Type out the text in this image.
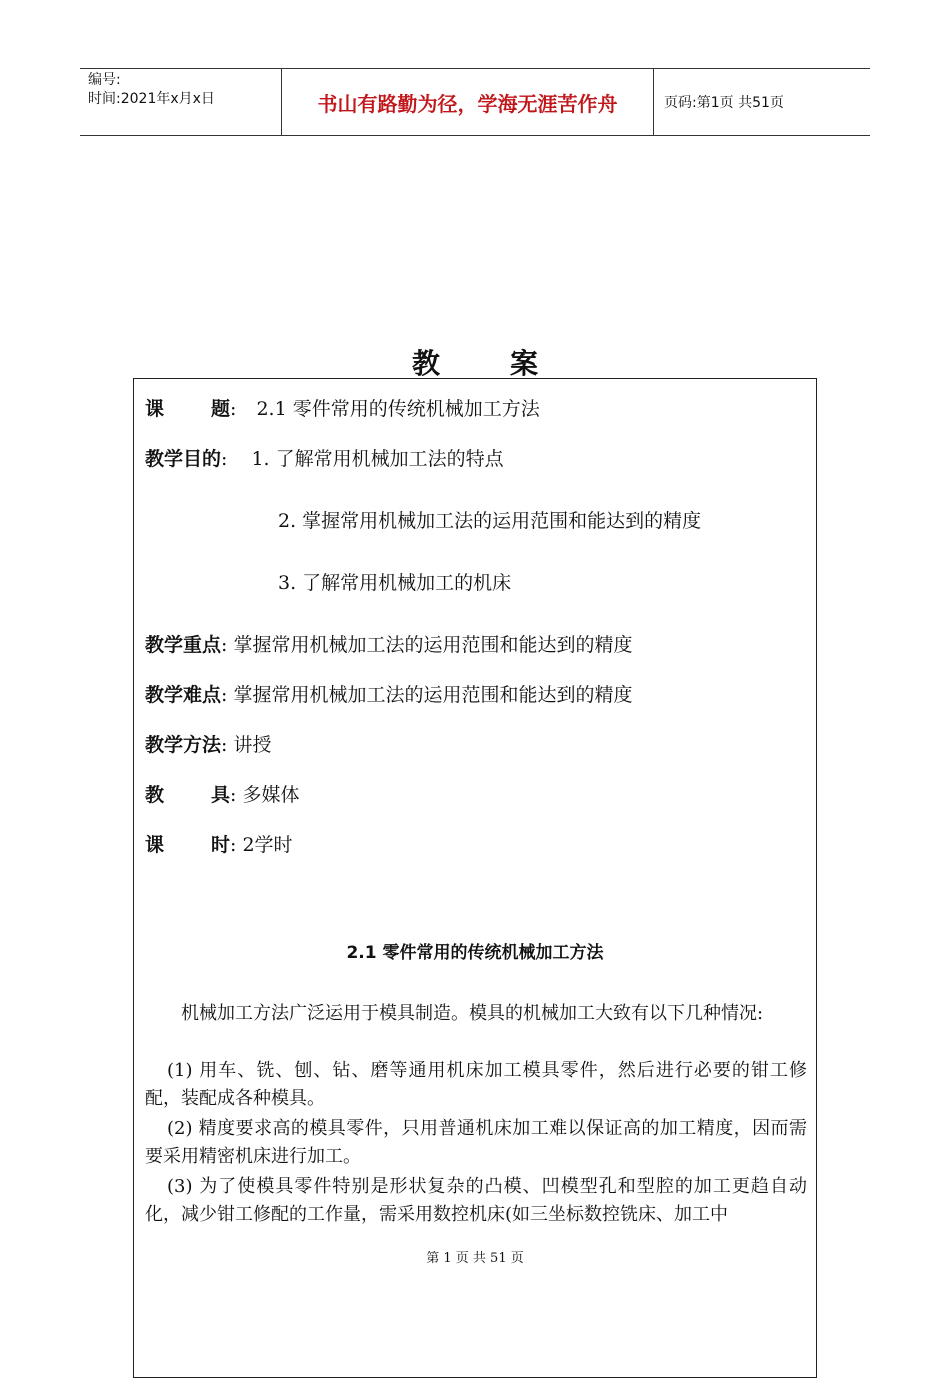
编号:
时间:2021年x月x日	书山有路勤为径，学海无涯苦作舟	页码:第1页 共51页
教	案
课 题: 2.1 零件常用的传统机械加工方法
教学目的: 1. 了解常用机械加工法的特点
2. 掌握常用机械加工法的运用范围和能达到的精度
3. 了解常用机械加工的机床
教学重点: 掌握常用机械加工法的运用范围和能达到的精度
教学难点: 掌握常用机械加工法的运用范围和能达到的精度
教学方法: 讲授
教 具: 多媒体
课 时: 2学时
2.1 零件常用的传统机械加工方法
机械加工方法广泛运用于模具制造。模具的机械加工大致有以下几种情况:
(1) 用车、铣、刨、钻、磨等通用机床加工模具零件，然后进行必要的钳工修配，装配成各种模具。
(2) 精度要求高的模具零件，只用普通机床加工难以保证高的加工精度，因而需要采用精密机床进行加工。
(3) 为了使模具零件特别是形状复杂的凸模、凹模型孔和型腔的加工更趋自动化，减少钳工修配的工作量，需采用数控机床(如三坐标数控铣床、加工中
第 1 页 共 51 页
